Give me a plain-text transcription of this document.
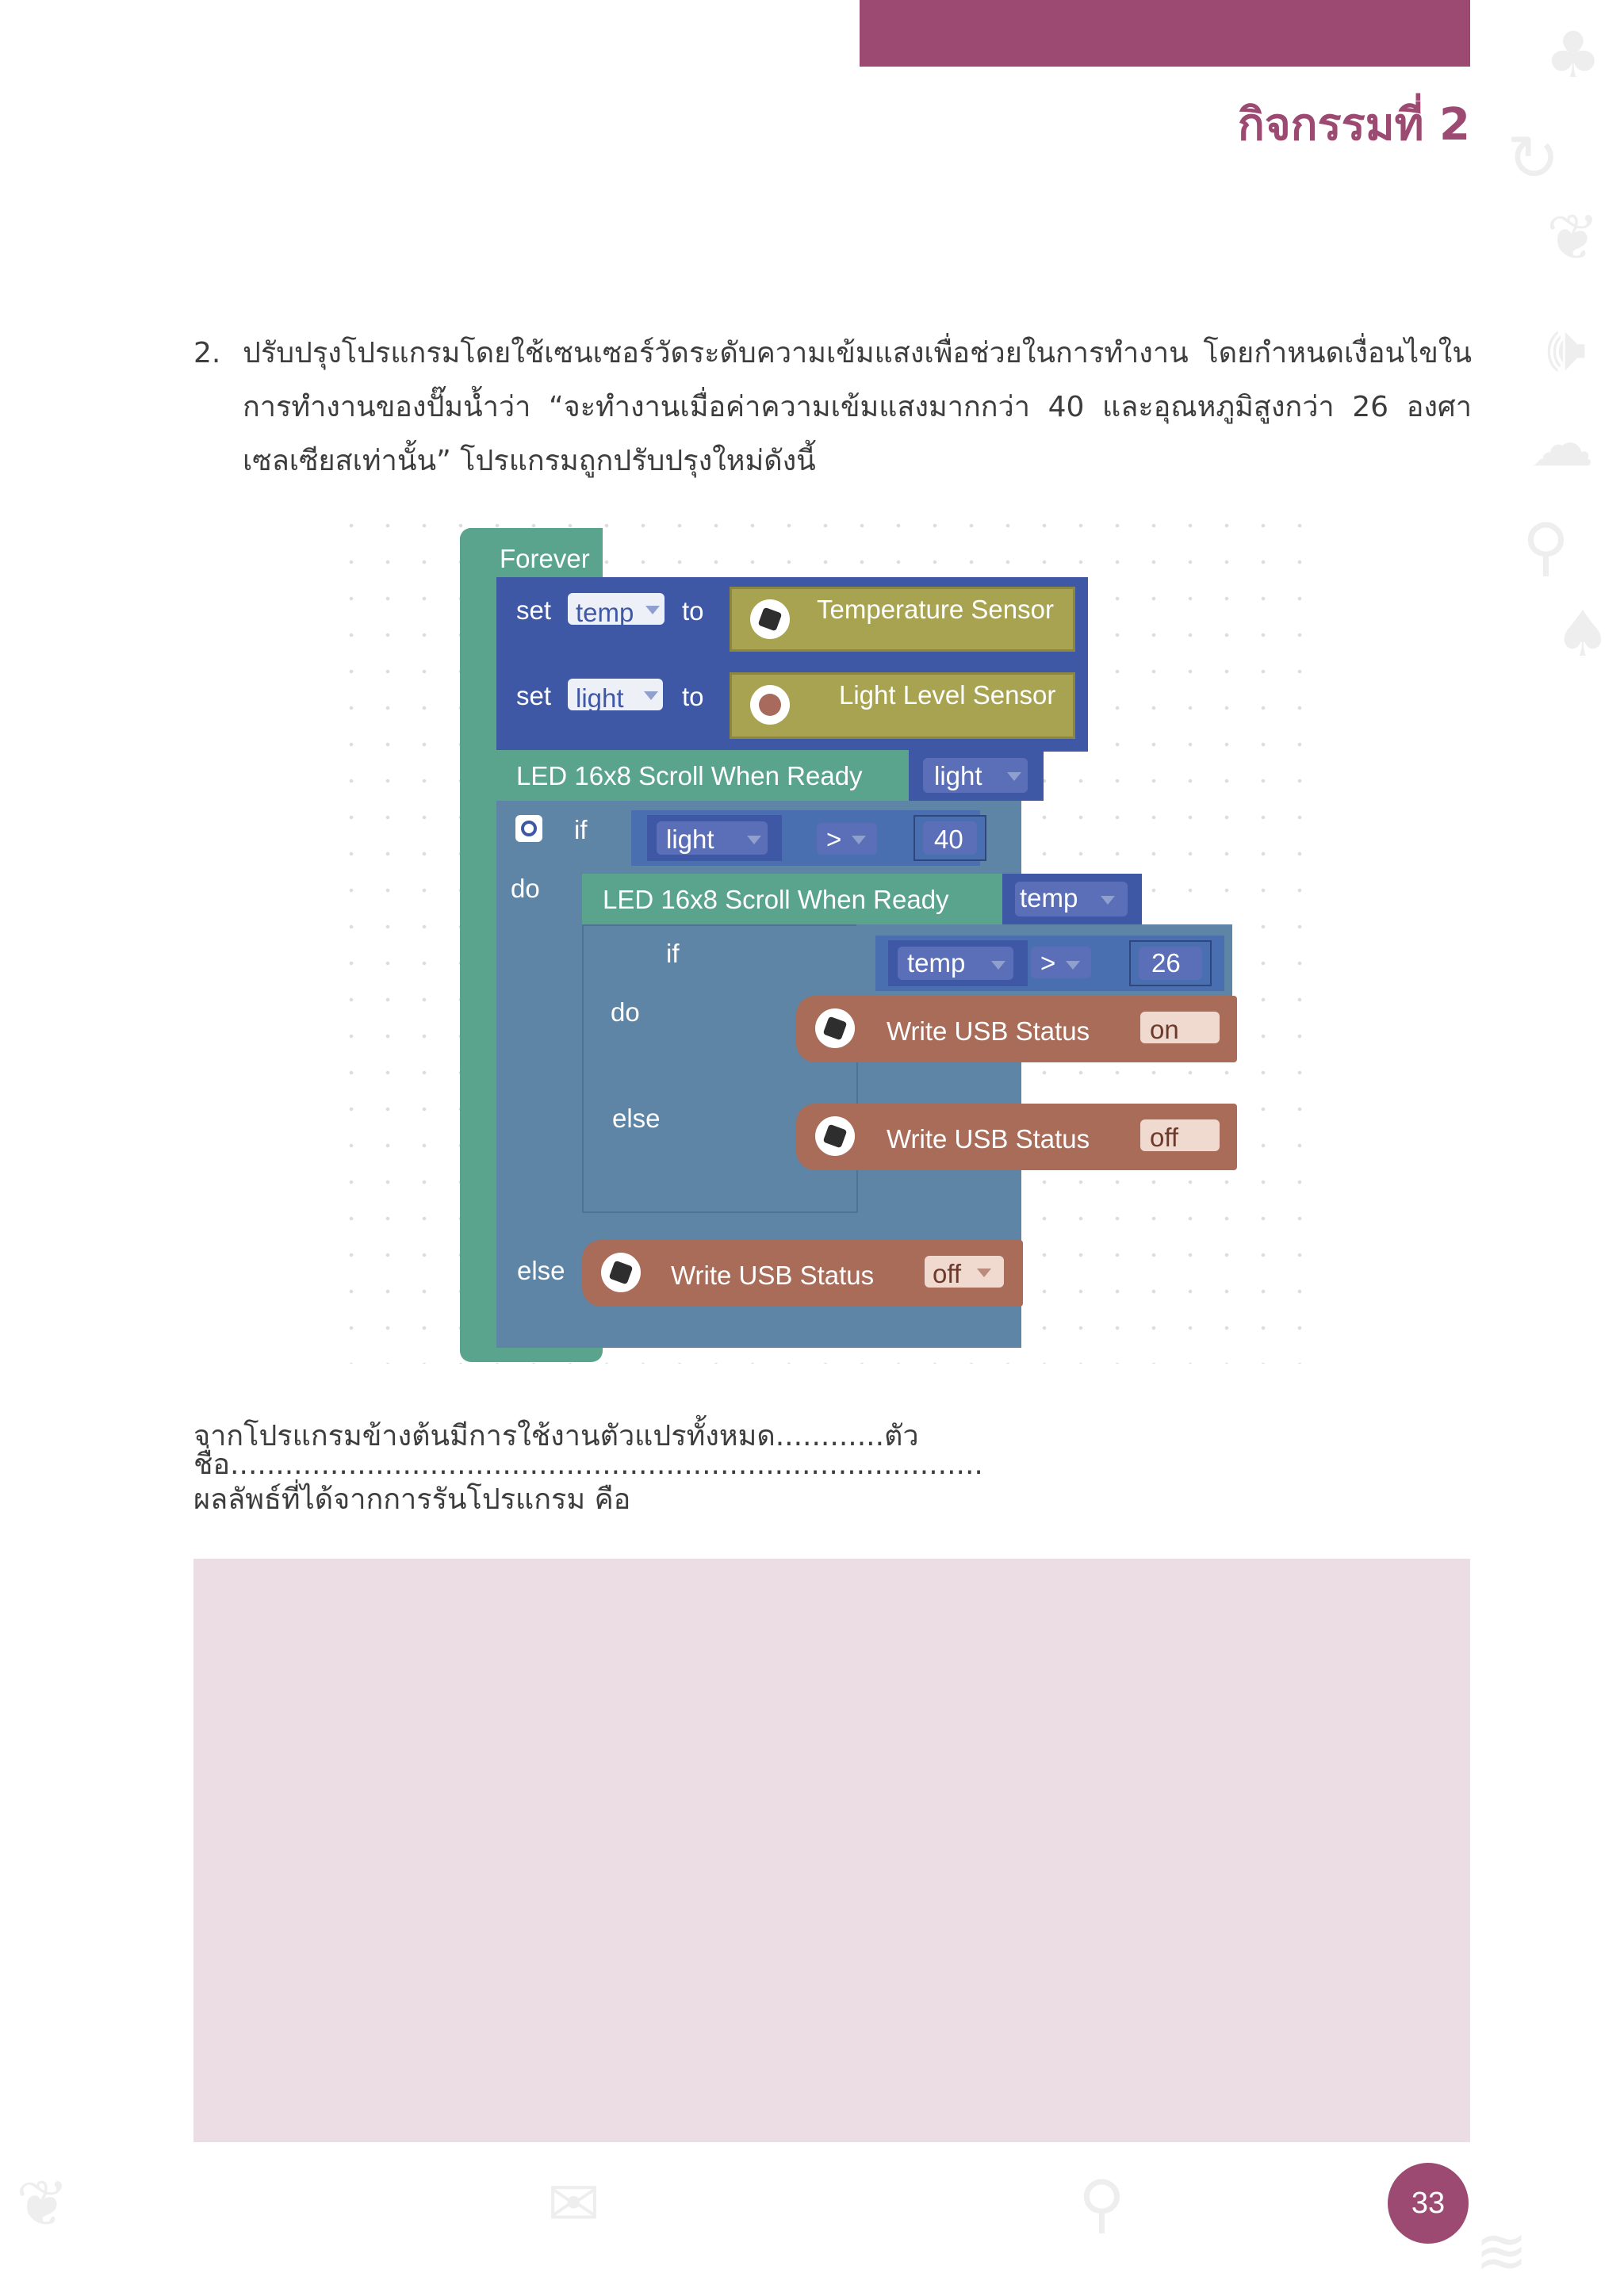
กิจกรรมที่ 2
♣
↻
❦
🕪
☁
⚲
♠
❦	✉	⚲
≋
2. ปรับปรุงโปรแกรมโดยใช้เซนเซอร์วัดระดับความเข้มแสงเพื่อช่วยในการทำงาน โดยกำหนดเงื่อนไขในการทำงานของปั๊มน้ำว่า “จะทำงานเมื่อค่าความเข้มแสงมากกว่า 40 และอุณหภูมิสูงกว่า 26 องศาเซลเซียสเท่านั้น” โปรแกรมถูกปรับปรุงใหม่ดังนี้
Forever
set temp to	Temperature Sensor
set light to	Light Level Sensor
LED 16x8 Scroll When Ready	light
if	light	>	40
do LED 16x8 Scroll When Ready	temp
if	temp	>	26
do
else
Write USB Status on
Write USB Status off
else	Write USB Status off
จากโปรแกรมข้างต้นมีการใช้งานตัวแปรทั้งหมด............ตัว ชื่อ...................................................................................
ผลลัพธ์ที่ได้จากการรันโปรแกรม คือ
33
